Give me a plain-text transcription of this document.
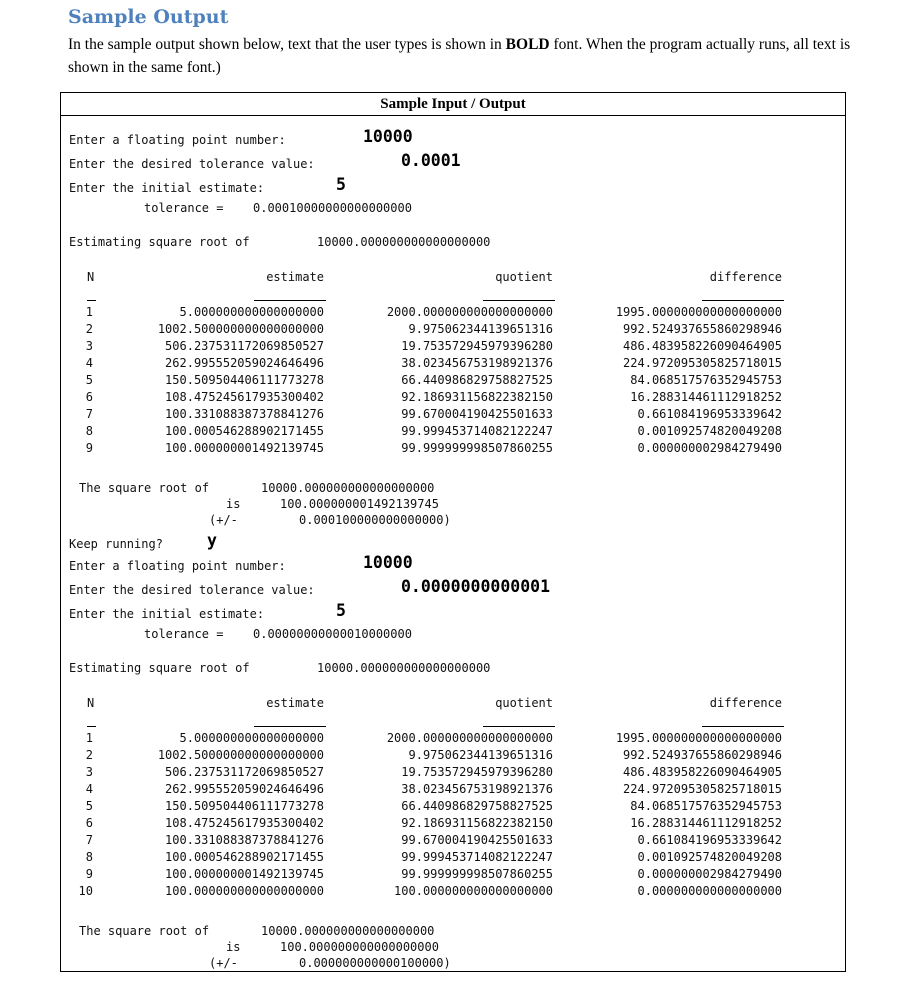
Sample Output
In the sample output shown below, text that the user types is shown in BOLD font. When the program actually runs, all text is shown in the same font.)
Sample Input / Output
Enter a floating point number:	10000
Enter the desired tolerance value:	0.0001
Enter the initial estimate:	5
tolerance = 0.00010000000000000000
Estimating square root of	10000.000000000000000000
N	estimate	quotient	difference
1	5.000000000000000000	2000.000000000000000000	1995.000000000000000000
2	1002.500000000000000000	9.975062344139651316	992.524937655860298946
3	506.237531172069850527	19.753572945979396280	486.483958226090464905
4	262.995552059024646496	38.023456753198921376	224.972095305825718015
5	150.509504406111773278	66.440986829758827525	84.068517576352945753
6	108.475245617935300402	92.186931156822382150	16.288314461112918252
7	100.331088387378841276	99.670004190425501633	0.661084196953339642
8	100.000546288902171455	99.999453714082122247	0.001092574820049208
9	100.000000001492139745	99.999999998507860255	0.000000002984279490
The square root of	10000.000000000000000000
is	100.000000001492139745
(+/-	0.000100000000000000)
Keep running?	y
Enter a floating point number:	10000
Enter the desired tolerance value:	0.0000000000001
Enter the initial estimate:	5
tolerance = 0.00000000000010000000
Estimating square root of	10000.000000000000000000
N	estimate	quotient	difference
1	5.000000000000000000	2000.000000000000000000	1995.000000000000000000
2	1002.500000000000000000	9.975062344139651316	992.524937655860298946
3	506.237531172069850527	19.753572945979396280	486.483958226090464905
4	262.995552059024646496	38.023456753198921376	224.972095305825718015
5	150.509504406111773278	66.440986829758827525	84.068517576352945753
6	108.475245617935300402	92.186931156822382150	16.288314461112918252
7	100.331088387378841276	99.670004190425501633	0.661084196953339642
8	100.000546288902171455	99.999453714082122247	0.001092574820049208
9	100.000000001492139745	99.999999998507860255	0.000000002984279490
10	100.000000000000000000	100.000000000000000000	0.000000000000000000
The square root of	10000.000000000000000000
is	100.000000000000000000
(+/-	0.000000000000100000)
